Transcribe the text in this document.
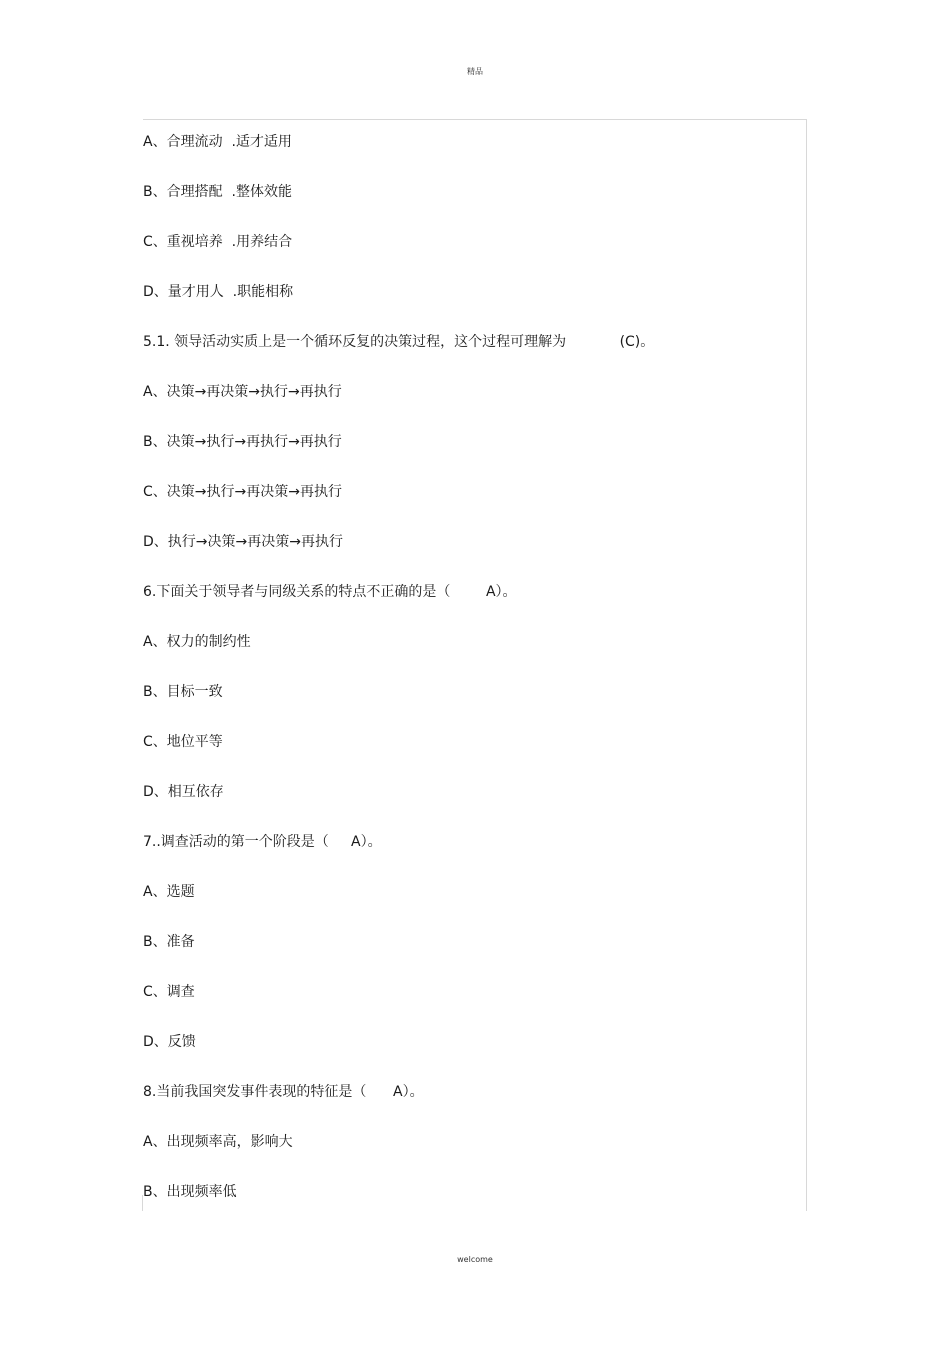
精品
A、合理流动  .适才适用
B、合理搭配  .整体效能
C、重视培养  .用养结合
D、量才用人  .职能相称
5.1. 领导活动实质上是一个循环反复的决策过程，这个过程可理解为            (C)。
A、决策→再决策→执行→再执行
B、决策→执行→再执行→再执行
C、决策→执行→再决策→再执行
D、执行→决策→再决策→再执行
6.下面关于领导者与同级关系的特点不正确的是（        A）。
A、权力的制约性
B、目标一致
C、地位平等
D、相互依存
7..调查活动的第一个阶段是（     A）。
A、选题
B、准备
C、调查
D、反馈
8.当前我国突发事件表现的特征是（      A）。
A、出现频率高，影响大
B、出现频率低
welcome
